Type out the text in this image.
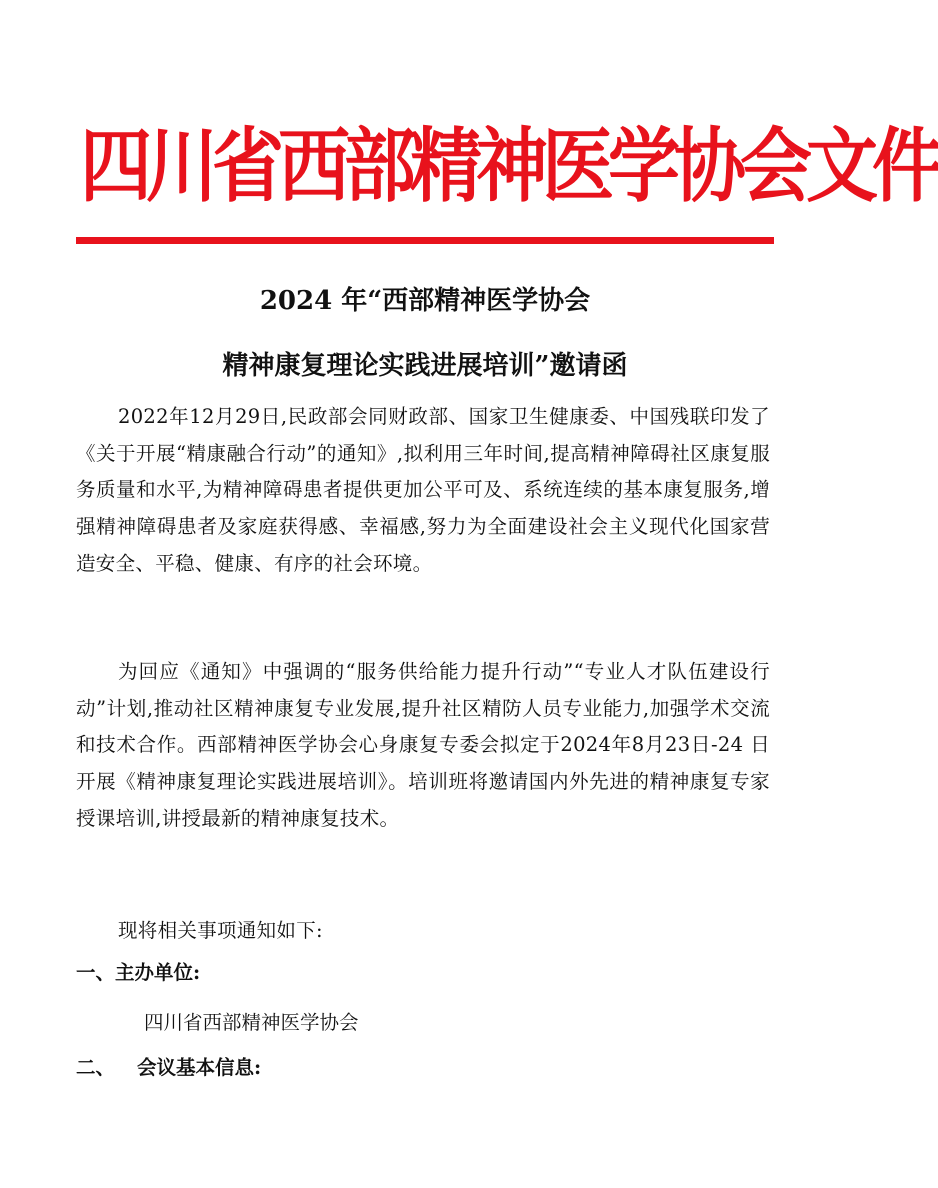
四川省西部精神医学协会文件
2024 年“西部精神医学协会
精神康复理论实践进展培训”邀请函

2022年12月29日,民政部会同财政部、国家卫生健康委、中国残联印发了《关于开展“精康融合行动”的通知》,拟利用三年时间,提高精神障碍社区康复服务质量和水平,为精神障碍患者提供更加公平可及、系统连续的基本康复服务,增强精神障碍患者及家庭获得感、幸福感,努力为全面建设社会主义现代化国家营造安全、平稳、健康、有序的社会环境。

为回应《通知》中强调的“服务供给能力提升行动”“专业人才队伍建设行动”计划,推动社区精神康复专业发展,提升社区精防人员专业能力,加强学术交流和技术合作。西部精神医学协会心身康复专委会拟定于2024年8月23日-24 日开展《精神康复理论实践进展培训》。培训班将邀请国内外先进的精神康复专家授课培训,讲授最新的精神康复技术。

现将相关事项通知如下:

一、主办单位:
四川省西部精神医学协会
二、 会议基本信息:
